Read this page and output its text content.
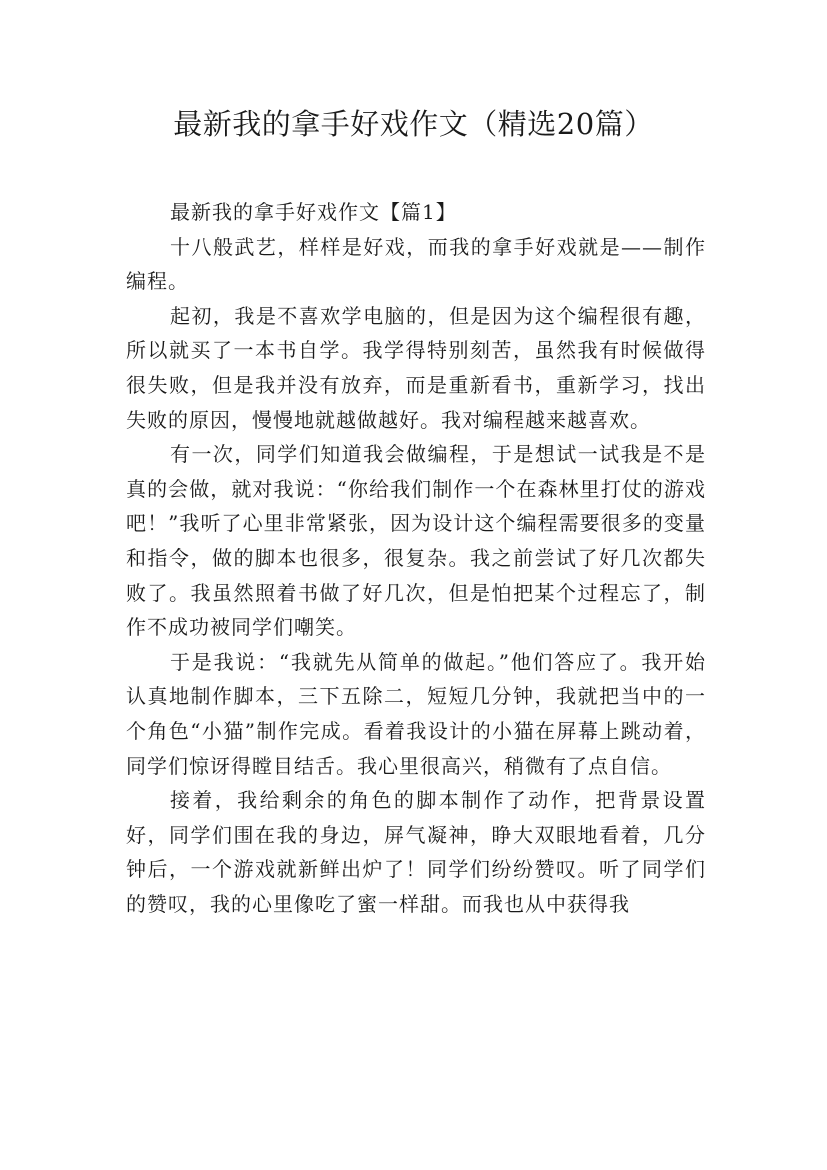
最新我的拿手好戏作文（精选20篇）
最新我的拿手好戏作文【篇1】

十八般武艺，样样是好戏，而我的拿手好戏就是——制作编程。

起初，我是不喜欢学电脑的，但是因为这个编程很有趣，所以就买了一本书自学。我学得特别刻苦，虽然我有时候做得很失败，但是我并没有放弃，而是重新看书，重新学习，找出失败的原因，慢慢地就越做越好。我对编程越来越喜欢。

有一次，同学们知道我会做编程，于是想试一试我是不是真的会做，就对我说：“你给我们制作一个在森林里打仗的游戏吧！”我听了心里非常紧张，因为设计这个编程需要很多的变量和指令，做的脚本也很多，很复杂。我之前尝试了好几次都失败了。我虽然照着书做了好几次，但是怕把某个过程忘了，制作不成功被同学们嘲笑。

于是我说：“我就先从简单的做起。”他们答应了。我开始认真地制作脚本，三下五除二，短短几分钟，我就把当中的一个角色“小猫”制作完成。看着我设计的小猫在屏幕上跳动着，同学们惊讶得瞠目结舌。我心里很高兴，稍微有了点自信。

接着，我给剩余的角色的脚本制作了动作，把背景设置好，同学们围在我的身边，屏气凝神，睁大双眼地看着，几分钟后，一个游戏就新鲜出炉了！同学们纷纷赞叹。听了同学们的赞叹，我的心里像吃了蜜一样甜。而我也从中获得我
